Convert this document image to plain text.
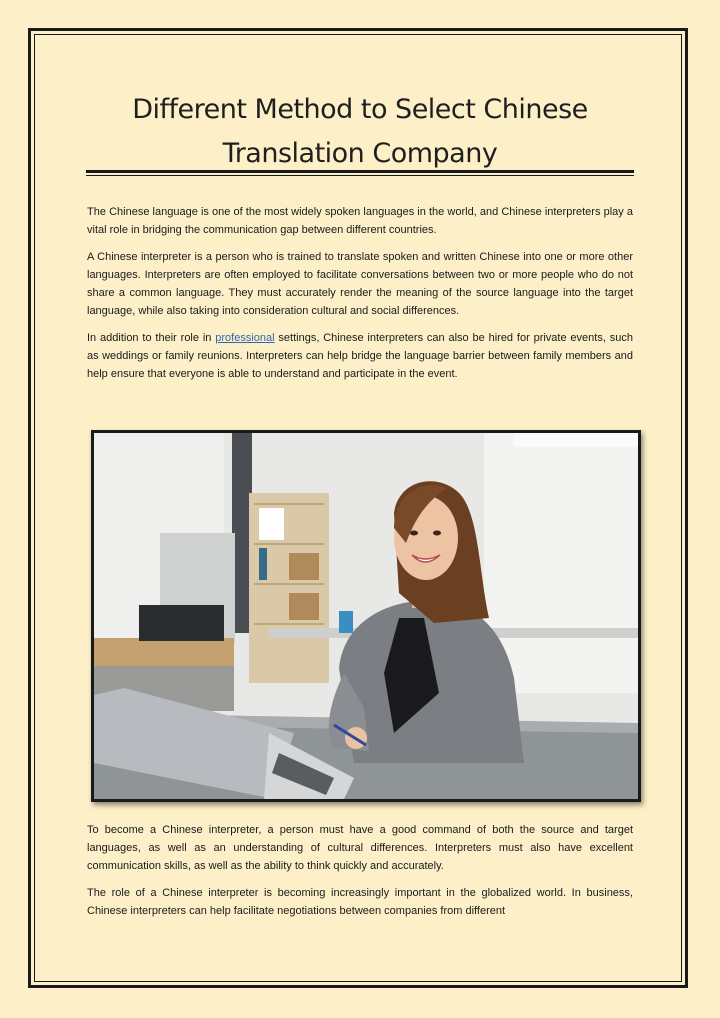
Different Method to Select Chinese
Translation Company

The Chinese language is one of the most widely spoken languages in the world, and Chinese interpreters play a vital role in bridging the communication gap between different countries.

A Chinese interpreter is a person who is trained to translate spoken and written Chinese into one or more other languages. Interpreters are often employed to facilitate conversations between two or more people who do not share a common language. They must accurately render the meaning of the source language into the target language, while also taking into consideration cultural and social differences.

In addition to their role in professional settings, Chinese interpreters can also be hired for private events, such as weddings or family reunions. Interpreters can help bridge the language barrier between family members and help ensure that everyone is able to understand and participate in the event.

To become a Chinese interpreter, a person must have a good command of both the source and target languages, as well as an understanding of cultural differences. Interpreters must also have excellent communication skills, as well as the ability to think quickly and accurately.

The role of a Chinese interpreter is becoming increasingly important in the globalized world. In business, Chinese interpreters can help facilitate negotiations between companies from different
